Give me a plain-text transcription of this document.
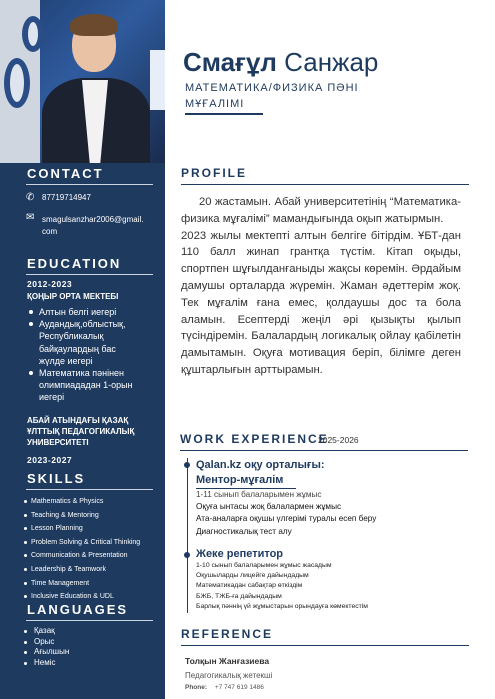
CONTACT
✆ 87719714947
✉ smagulsanzhar2006@gmail.
com
EDUCATION
2012-2023
ҚОҢЫР ОРТА МЕКТЕБІ
Алтын белгі иегері
Аудандық,облыстық,
Республикалық
байқаулардың бас
жүлде иегері
Математика пәнінен
олимпиададан 1-орын
иегері
АБАЙ АТЫНДАҒЫ ҚАЗАҚ
ҰЛТТЫҚ ПЕДАГОГИКАЛЫҚ
УНИВЕРСИТЕТІ
2023-2027
SKILLS
Mathematics & Physics
Teaching & Mentoring
Lesson Planning
Problem Solving & Critical Thinking
Communication & Presentation
Leadership & Teamwork
Time Management
Inclusive Education & UDL
LANGUAGES
Қазақ
Орыс
Ағылшын
Неміс
Смағұл Санжар
МАТЕМАТИКА/ФИЗИКА ПӘНІ МҰҒАЛІМІ
PROFILE

20 жастамын. Абай университетінің “Математика-физика мұғалімі” мамандығында оқып жатырмын.

2023 жылы мектепті алтын белгіге бітірдім. ҰБТ-дан 110 балл жинап грантқа түстім. Кітап оқыды, спортпен шұғылданғаныды жақсы көремін. Әрдайым дамушы орталарда жүремін. Жаман әдеттерім жоқ. Тек мұғалім ғана емес, қолдаушы дос та бола аламын. Есептерді жеңіл әрі қызықты қылып түсіндіремін. Балалардың логикалық ойлау қабілетін дамытамын. Оқуға мотивация беріп, білімге деген құштарлығын арттырамын.

WORK EXPERIENCE
2025-2026
Qalan.kz оқу орталығы:
Ментор-мұғалім
1-11 сынып балаларымен жұмыс
Оқуға ынтасы жоқ балалармен жұмыс
Ата-аналарға оқушы үлгерімі туралы есеп беру
Диагностикалық тест алу
Жеке репетитор
1-10 сынып балаларымен жұмыс жасадым
Оқушыларды лицейге дайындадым
Математикадан сабақтар өткіздім
БЖБ, ТЖБ-ға дайындадым
Барлық пәннің үй жұмыстарын орындауға көмектестім
REFERENCE
Толқын Жанғазиева
Педагогикалық жетекші
Phone: +7 747 619 1486
